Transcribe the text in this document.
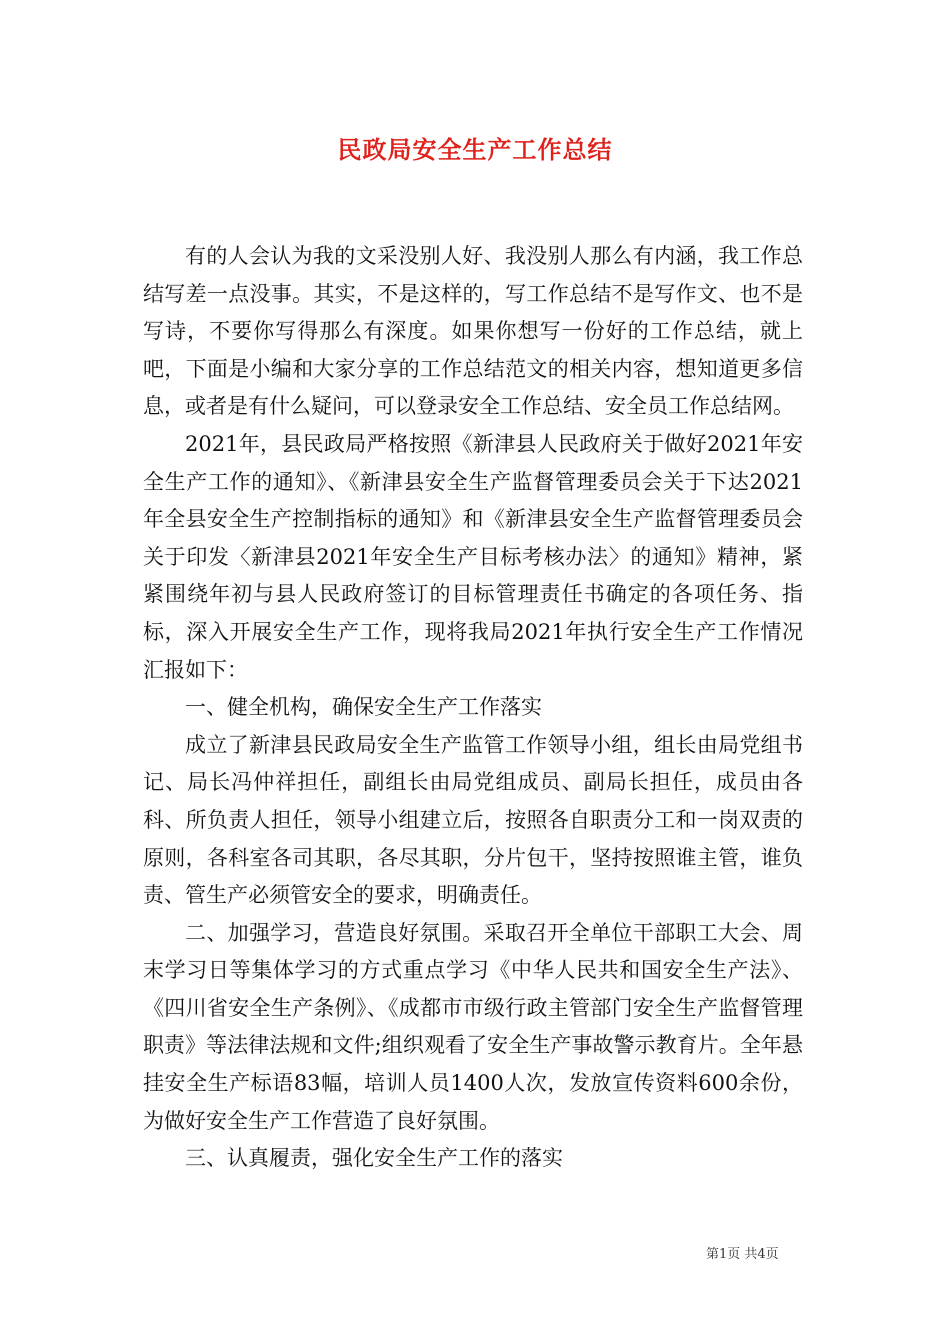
民政局安全生产工作总结

有的人会认为我的文采没别人好、我没别人那么有内涵，我工作总结写差一点没事。其实，不是这样的，写工作总结不是写作文、也不是写诗，不要你写得那么有深度。如果你想写一份好的工作总结，就上吧，下面是小编和大家分享的工作总结范文的相关内容，想知道更多信息，或者是有什么疑问，可以登录安全工作总结、安全员工作总结网。

2021年，县民政局严格按照《新津县人民政府关于做好2021年安全生产工作的通知》、《新津县安全生产监督管理委员会关于下达2021年全县安全生产控制指标的通知》和《新津县安全生产监督管理委员会关于印发〈新津县2021年安全生产目标考核办法〉的通知》精神，紧紧围绕年初与县人民政府签订的目标管理责任书确定的各项任务、指标，深入开展安全生产工作，现将我局2021年执行安全生产工作情况汇报如下：

一、健全机构，确保安全生产工作落实

成立了新津县民政局安全生产监管工作领导小组，组长由局党组书记、局长冯仲祥担任，副组长由局党组成员、副局长担任，成员由各科、所负责人担任，领导小组建立后，按照各自职责分工和一岗双责的原则，各科室各司其职，各尽其职，分片包干，坚持按照谁主管，谁负责、管生产必须管安全的要求，明确责任。

二、加强学习，营造良好氛围。采取召开全单位干部职工大会、周末学习日等集体学习的方式重点学习《中华人民共和国安全生产法》、《四川省安全生产条例》、《成都市市级行政主管部门安全生产监督管理职责》等法律法规和文件;组织观看了安全生产事故警示教育片。全年悬挂安全生产标语83幅，培训人员1400人次，发放宣传资料600余份，为做好安全生产工作营造了良好氛围。

三、认真履责，强化安全生产工作的落实

第1页 共4页
